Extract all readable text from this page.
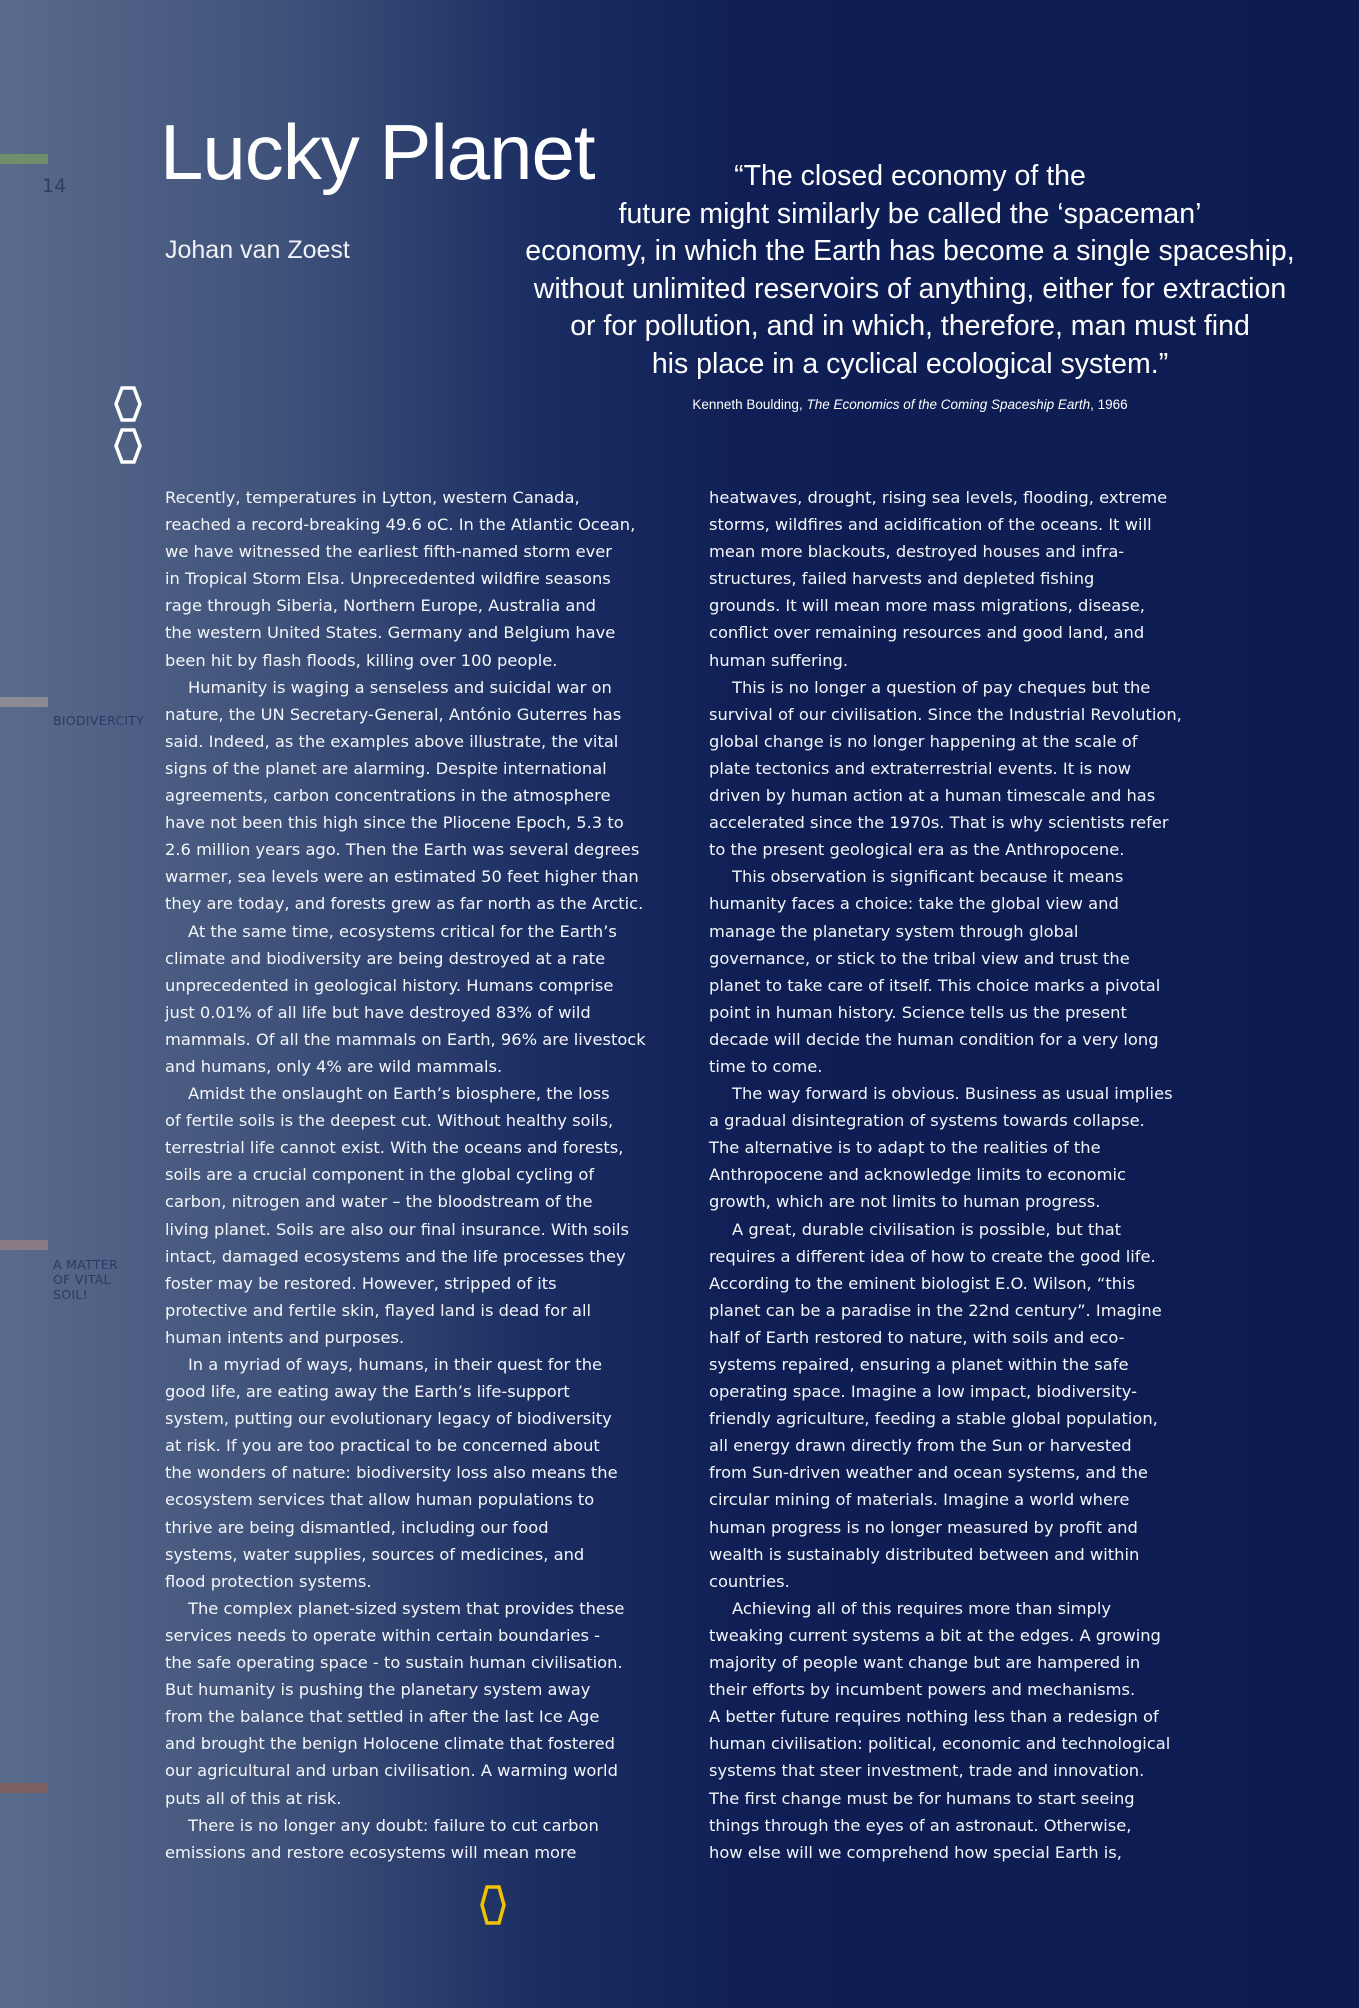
14
BIODIVERCITY
A MATTER
OF VITAL
SOIL!
Lucky Planet
Johan van Zoest
“The closed economy of the
future might similarly be called the ‘spaceman’
economy, in which the Earth has become a single spaceship,
without unlimited reservoirs of anything, either for extraction
or for pollution, and in which, therefore, man must find
his place in a cyclical ecological system.”
Kenneth Boulding, The Economics of the Coming Spaceship Earth, 1966
Recently, temperatures in Lytton, western Canada,
reached a record-breaking 49.6 oC. In the Atlantic Ocean,
we have witnessed the earliest fifth-named storm ever
in Tropical Storm Elsa. Unprecedented wildfire seasons
rage through Siberia, Northern Europe, Australia and
the western United States. Germany and Belgium have
been hit by flash floods, killing over 100 people.
Humanity is waging a senseless and suicidal war on
nature, the UN Secretary-General, António Guterres has
said. Indeed, as the examples above illustrate, the vital
signs of the planet are alarming. Despite international
agreements, carbon concentrations in the atmosphere
have not been this high since the Pliocene Epoch, 5.3 to
2.6 million years ago. Then the Earth was several degrees
warmer, sea levels were an estimated 50 feet higher than
they are today, and forests grew as far north as the Arctic.
At the same time, ecosystems critical for the Earth’s
climate and biodiversity are being destroyed at a rate
unprecedented in geological history. Humans comprise
just 0.01% of all life but have destroyed 83% of wild
mammals. Of all the mammals on Earth, 96% are livestock
and humans, only 4% are wild mammals.
Amidst the onslaught on Earth’s biosphere, the loss
of fertile soils is the deepest cut. Without healthy soils,
terrestrial life cannot exist. With the oceans and forests,
soils are a crucial component in the global cycling of
carbon, nitrogen and water – the bloodstream of the
living planet. Soils are also our final insurance. With soils
intact, damaged ecosystems and the life processes they
foster may be restored. However, stripped of its
protective and fertile skin, flayed land is dead for all
human intents and purposes.
In a myriad of ways, humans, in their quest for the
good life, are eating away the Earth’s life-support
system, putting our evolutionary legacy of biodiversity
at risk. If you are too practical to be concerned about
the wonders of nature: biodiversity loss also means the
ecosystem services that allow human populations to
thrive are being dismantled, including our food
systems, water supplies, sources of medicines, and
flood protection systems.
The complex planet-sized system that provides these
services needs to operate within certain boundaries -
the safe operating space - to sustain human civilisation.
But humanity is pushing the planetary system away
from the balance that settled in after the last Ice Age
and brought the benign Holocene climate that fostered
our agricultural and urban civilisation. A warming world
puts all of this at risk.
There is no longer any doubt: failure to cut carbon
emissions and restore ecosystems will mean more
heatwaves, drought, rising sea levels, flooding, extreme
storms, wildfires and acidification of the oceans. It will
mean more blackouts, destroyed houses and infra-
structures, failed harvests and depleted fishing
grounds. It will mean more mass migrations, disease,
conflict over remaining resources and good land, and
human suffering.
This is no longer a question of pay cheques but the
survival of our civilisation. Since the Industrial Revolution,
global change is no longer happening at the scale of
plate tectonics and extraterrestrial events. It is now
driven by human action at a human timescale and has
accelerated since the 1970s. That is why scientists refer
to the present geological era as the Anthropocene.
This observation is significant because it means
humanity faces a choice: take the global view and
manage the planetary system through global
governance, or stick to the tribal view and trust the
planet to take care of itself. This choice marks a pivotal
point in human history. Science tells us the present
decade will decide the human condition for a very long
time to come.
The way forward is obvious. Business as usual implies
a gradual disintegration of systems towards collapse.
The alternative is to adapt to the realities of the
Anthropocene and acknowledge limits to economic
growth, which are not limits to human progress.
A great, durable civilisation is possible, but that
requires a different idea of how to create the good life.
According to the eminent biologist E.O. Wilson, “this
planet can be a paradise in the 22nd century”. Imagine
half of Earth restored to nature, with soils and eco-
systems repaired, ensuring a planet within the safe
operating space. Imagine a low impact, biodiversity-
friendly agriculture, feeding a stable global population,
all energy drawn directly from the Sun or harvested
from Sun-driven weather and ocean systems, and the
circular mining of materials. Imagine a world where
human progress is no longer measured by profit and
wealth is sustainably distributed between and within
countries.
Achieving all of this requires more than simply
tweaking current systems a bit at the edges. A growing
majority of people want change but are hampered in
their efforts by incumbent powers and mechanisms.
A better future requires nothing less than a redesign of
human civilisation: political, economic and technological
systems that steer investment, trade and innovation.
The first change must be for humans to start seeing
things through the eyes of an astronaut. Otherwise,
how else will we comprehend how special Earth is,
